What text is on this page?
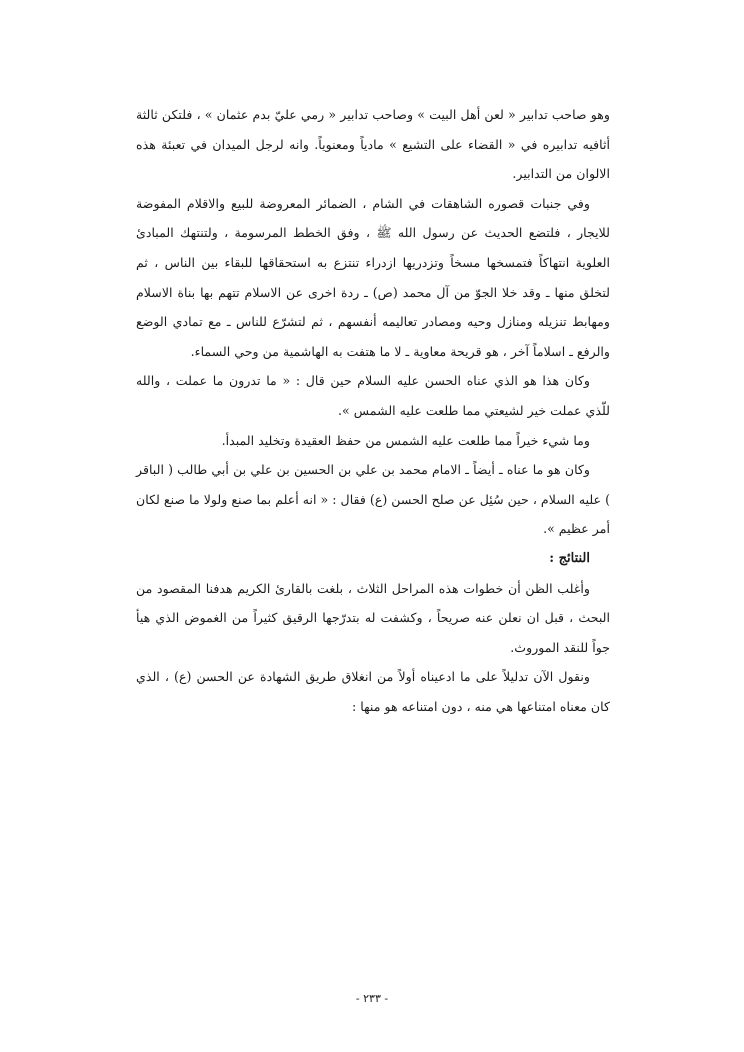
وهو صاحب تدابير « لعن أهل البيت » وصاحب تدابير « رمي عليّ بدم عثمان » ، فلتكن ثالثة أثافيه تدابيره في « القضاء على التشيع » مادياً ومعنوياً. وانه لرجل الميدان في تعبئة هذه الالوان من التدابير.

وفي جنبات قصوره الشاهقات في الشام ، الضمائر المعروضة للبيع والاقلام المفوضة للايجار ، فلتضع الحديث عن رسول الله ﷺ ، وفق الخطط المرسومة ، ولتنتهك المبادئ العلوية انتهاكاً فتمسخها مسخاً وتزدريها ازدراء تنتزع به استحقاقها للبقاء بين الناس ، ثم لتخلق منها ـ وقد خلا الجوّ من آل محمد (ص) ـ ردة اخرى عن الاسلام تتهم بها بناة الاسلام ومهابط تنزيله ومنازل وحيه ومصادر تعاليمه أنفسهم ، ثم لتشرّع للناس ـ مع تمادي الوضع والرفع ـ اسلاماً آخر ، هو قريحة معاوية ـ لا ما هتفت به الهاشمية من وحي السماء.

وكان هذا هو الذي عناه الحسن عليه السلام حين قال : « ما تدرون ما عملت ، والله للّذي عملت خير لشيعتي مما طلعت عليه الشمس ».

وما شيء خيراً مما طلعت عليه الشمس من حفظ العقيدة وتخليد المبدأ.

وكان هو ما عناه ـ أيضاً ـ الامام محمد بن علي بن الحسين بن علي بن أبي طالب ( الباقر ) عليه السلام ، حين سُئِل عن صلح الحسن (ع) فقال : « انه أعلم بما صنع ولولا ما صنع لكان أمر عظيم ».

النتائج :

وأغلب الظن أن خطوات هذه المراحل الثلاث ، بلغت بالقارئ الكريم هدفنا المقصود من البحث ، قبل ان نعلن عنه صريحاً ، وكشفت له بتدرّجها الرقيق كثيراً من الغموض الذي هيأ جواً للنقد الموروث.

ونقول الآن تدليلاً على ما ادعيناه أولاً من انغلاق طريق الشهادة عن الحسن (ع) ، الذي كان معناه امتناعها هي منه ، دون امتناعه هو منها :

- ٢٣٣ -
